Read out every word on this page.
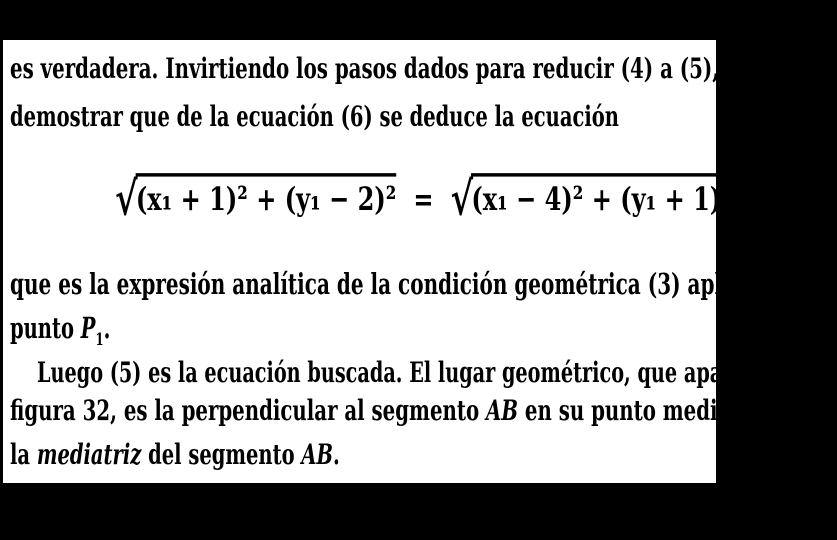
es verdadera. Invirtiendo los pasos dados para reducir (4) a (5), podemos
demostrar que de la ecuación (6) se deduce la ecuación
√(x₁ + 1)² + (y₁ − 2)² = √(x₁ − 4)² + (y₁ + 1)² ,
que es la expresión analítica de la condición geométrica (3) aplicada al
punto $P_1$.
Luego (5) es la ecuación buscada. El lugar geométrico, que aparece en la
figura 32, es la perpendicular al segmento AB en su punto medio, es decir,
la mediatriz del segmento AB.
